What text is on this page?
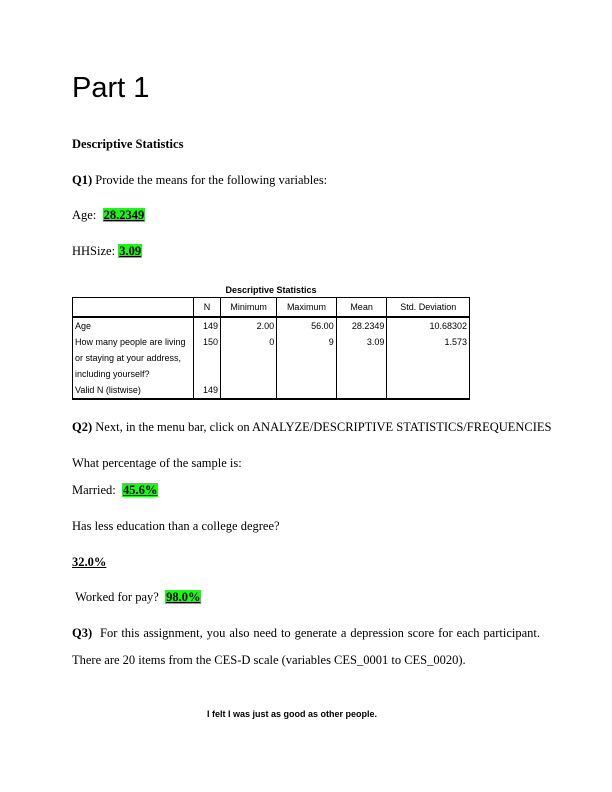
Part 1
Descriptive Statistics
Q1) Provide the means for the following variables:
Age: 28.2349
HHSize: 3.09
Descriptive Statistics
	N	Minimum	Maximum	Mean	Std. Deviation
Age	149	2.00	56.00	28.2349	10.68302

How many people are living
or staying at your address,
including yourself?	150	0	9	3.09	1.573
Valid N (listwise)	149				
Q2) Next, in the menu bar, click on ANALYZE/DESCRIPTIVE STATISTICS/FREQUENCIES
What percentage of the sample is:
Married: 45.6%
Has less education than a college degree?
32.0%
Worked for pay? 98.0%
Q3) For this assignment, you also need to generate a depression score for each participant.
There are 20 items from the CES-D scale (variables CES_0001 to CES_0020).
I felt I was just as good as other people.
